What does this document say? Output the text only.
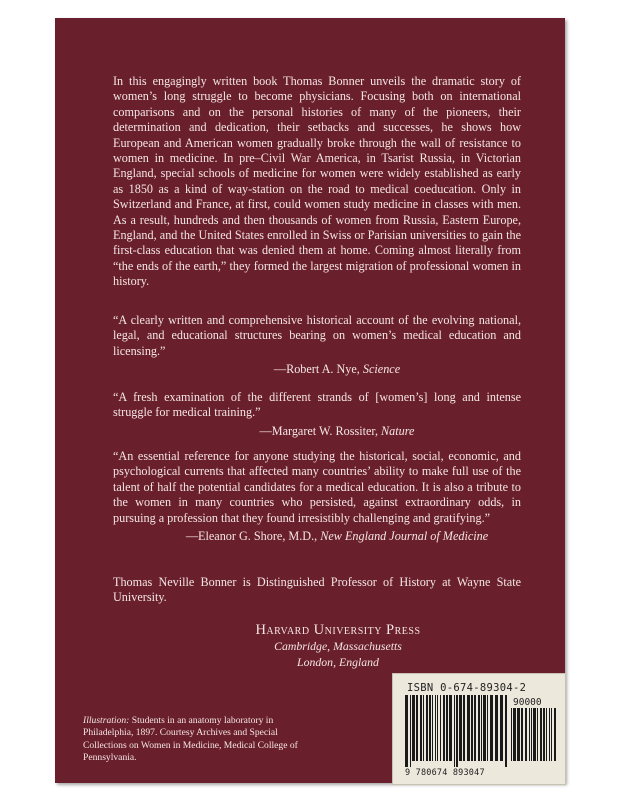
In this engagingly written book Thomas Bonner unveils the dramatic story of women’s long struggle to become physicians. Focusing both on international comparisons and on the personal histories of many of the pioneers, their determination and dedication, their setbacks and successes, he shows how European and American women gradually broke through the wall of resistance to women in medicine. In pre–Civil War America, in Tsarist Russia, in Victorian England, special schools of medicine for women were widely established as early as 1850 as a kind of way-station on the road to medical coeducation. Only in Switzerland and France, at first, could women study medicine in classes with men. As a result, hundreds and then thousands of women from Russia, Eastern Europe, England, and the United States enrolled in Swiss or Parisian universities to gain the first-class education that was denied them at home. Coming almost literally from “the ends of the earth,” they formed the largest migration of professional women in history.

“A clearly written and comprehensive historical account of the evolving national, legal, and educational structures bearing on women’s medical education and licensing.”

—Robert A. Nye, Science

“A fresh examination of the different strands of [women’s] long and intense struggle for medical training.”

—Margaret W. Rossiter, Nature

“An essential reference for anyone studying the historical, social, economic, and psychological currents that affected many countries’ ability to make full use of the talent of half the potential candidates for a medical education. It is also a tribute to the women in many countries who persisted, against extraordinary odds, in pursuing a profession that they found irresistibly challenging and gratifying.”

—Eleanor G. Shore, M.D., New England Journal of Medicine

Thomas Neville Bonner is Distinguished Professor of History at Wayne State University.

Harvard University Press
Cambridge, Massachusetts
London, England

Illustration: Students in an anatomy laboratory in Philadelphia, 1897. Courtesy Archives and Special Collections on Women in Medicine, Medical College of Pennsylvania.

ISBN 0-674-89304-2
90000
9 780674 893047
